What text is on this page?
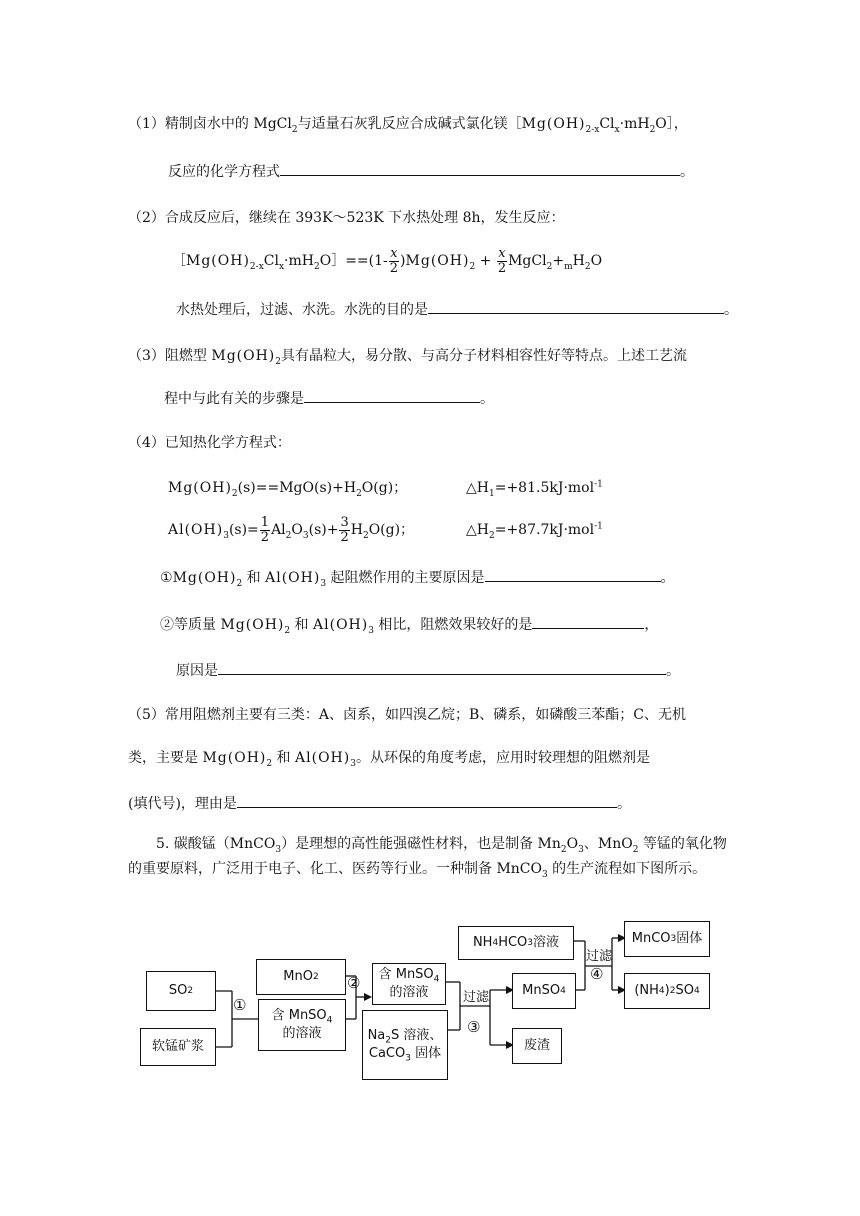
（1）精制卤水中的 MgCl$_2$与适量石灰乳反应合成碱式氯化镁$[Mg(OH)_{2-x}Cl_x\cdot mH_2O]$，
反应的化学方程式	。
（2）合成反应后，继续在 393K～523K 下水热处理 8h，发生反应：
$[Mg(OH)_{2-x}Cl_x\cdot mH_2O]==(1- \frac{x}{2} )Mg(OH)_2 + \frac{x}{2}$ $MgCl_2+_mH_2O$
水热处理后，过滤、水洗。水洗的目的是	。
（3）阻燃型 $Mg(OH)_2$具有晶粒大，易分散、与高分子材料相容性好等特点。上述工艺流
程中与此有关的步骤是	。
（4）已知热化学方程式：
$Mg(OH)_2(s)==MgO(s)+H_2O(g)$；	$\triangle H_1=+81.5kJ\cdot mol^{-1}$
$Al(OH)_3(s)= \frac{1}{2} Al_2O_3(s)+ \frac{3}{2} H_2O(g)$；	$\triangle H_2=+87.7kJ\cdot mol^{-1}$
$①Mg(OH)_2$ 和 $Al(OH)_3$ 起阻燃作用的主要原因是	。
②等质量 $Mg(OH)_2$ 和 $Al(OH)_3$ 相比，阻燃效果较好的是	，
原因是	。
（5）常用阻燃剂主要有三类：A、卤系，如四溴乙烷；B、磷系，如磷酸三苯酯；C、无机
类，主要是 $Mg(OH)_2$ 和 $Al(OH)_3$。从环保的角度考虑，应用时较理想的阻燃剂是
(填代号)，理由是	。
5. 碳酸锰（MnCO$_3$）是理想的高性能强磁性材料，也是制备 $Mn_2O_3$、MnO$_2$ 等锰的氧化物的重要原料，广泛用于电子、化工、医药等行业。一种制备 MnCO$_3$ 的生产流程如下图所示。
SO 2
软锰矿浆
MnO 2
含 MnSO$_4$
的溶液
含 MnSO$_4$
的溶液
$Na_2S$ 溶液、
CaCO$_3$ 固体
NH 4 HCO 3 溶液
MnSO 4
废渣
MnCO 3 固体
(NH 4 ) 2 SO 4
①
②
过滤
③
过滤
④
